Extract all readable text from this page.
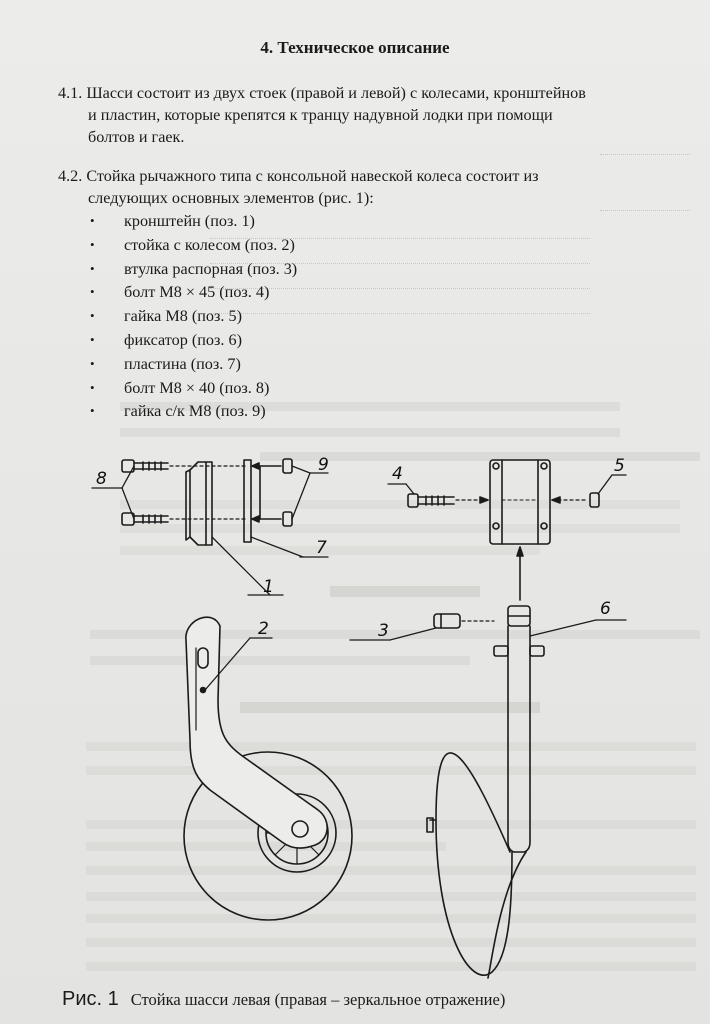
4. Техническое описание
4.1. Шасси состоит из двух стоек (правой и левой) с колесами, кронштейнов
и пластин, которые крепятся к транцу надувной лодки при помощи
болтов и гаек.
4.2. Стойка рычажного типа с консольной навеской колеса состоит из
следующих основных элементов (рис. 1):
• кронштейн (поз. 1)
• стойка с колесом (поз. 2)
• втулка распорная (поз. 3)
• болт М8 × 45 (поз. 4)
• гайка М8 (поз. 5)
• фиксатор (поз. 6)
• пластина (поз. 7)
• болт М8 × 40 (поз. 8)
• гайка с/к М8 (поз. 9)
8
9
7
1
4	5
2	3
6
Рис. 1 Стойка шасси левая (правая – зеркальное отражение)
